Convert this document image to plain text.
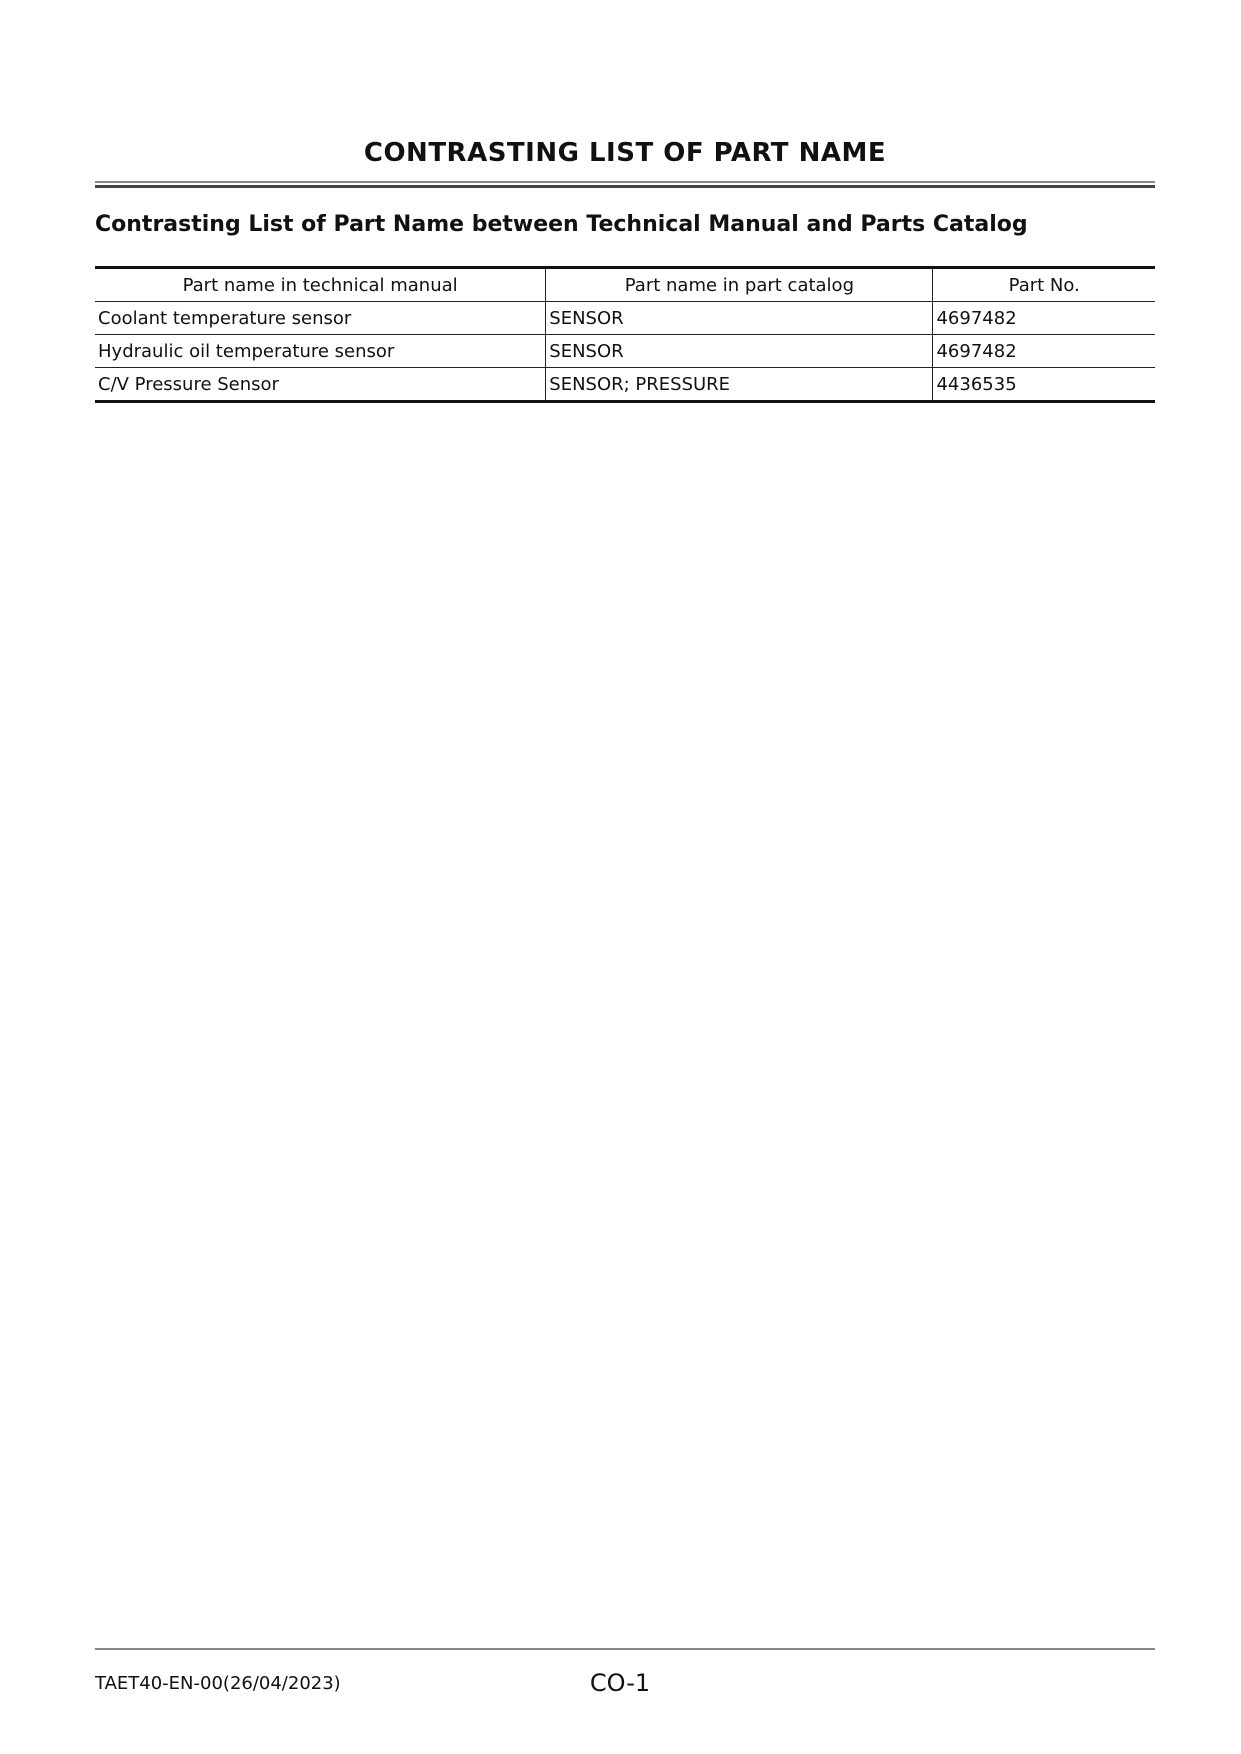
CONTRASTING LIST OF PART NAME
Contrasting List of Part Name between Technical Manual and Parts Catalog
Part name in technical manual	Part name in part catalog	Part No.
Coolant temperature sensor	SENSOR	4697482
Hydraulic oil temperature sensor	SENSOR	4697482
C/V Pressure Sensor	SENSOR; PRESSURE	4436535
TAET40-EN-00(26/04/2023)	CO-1
